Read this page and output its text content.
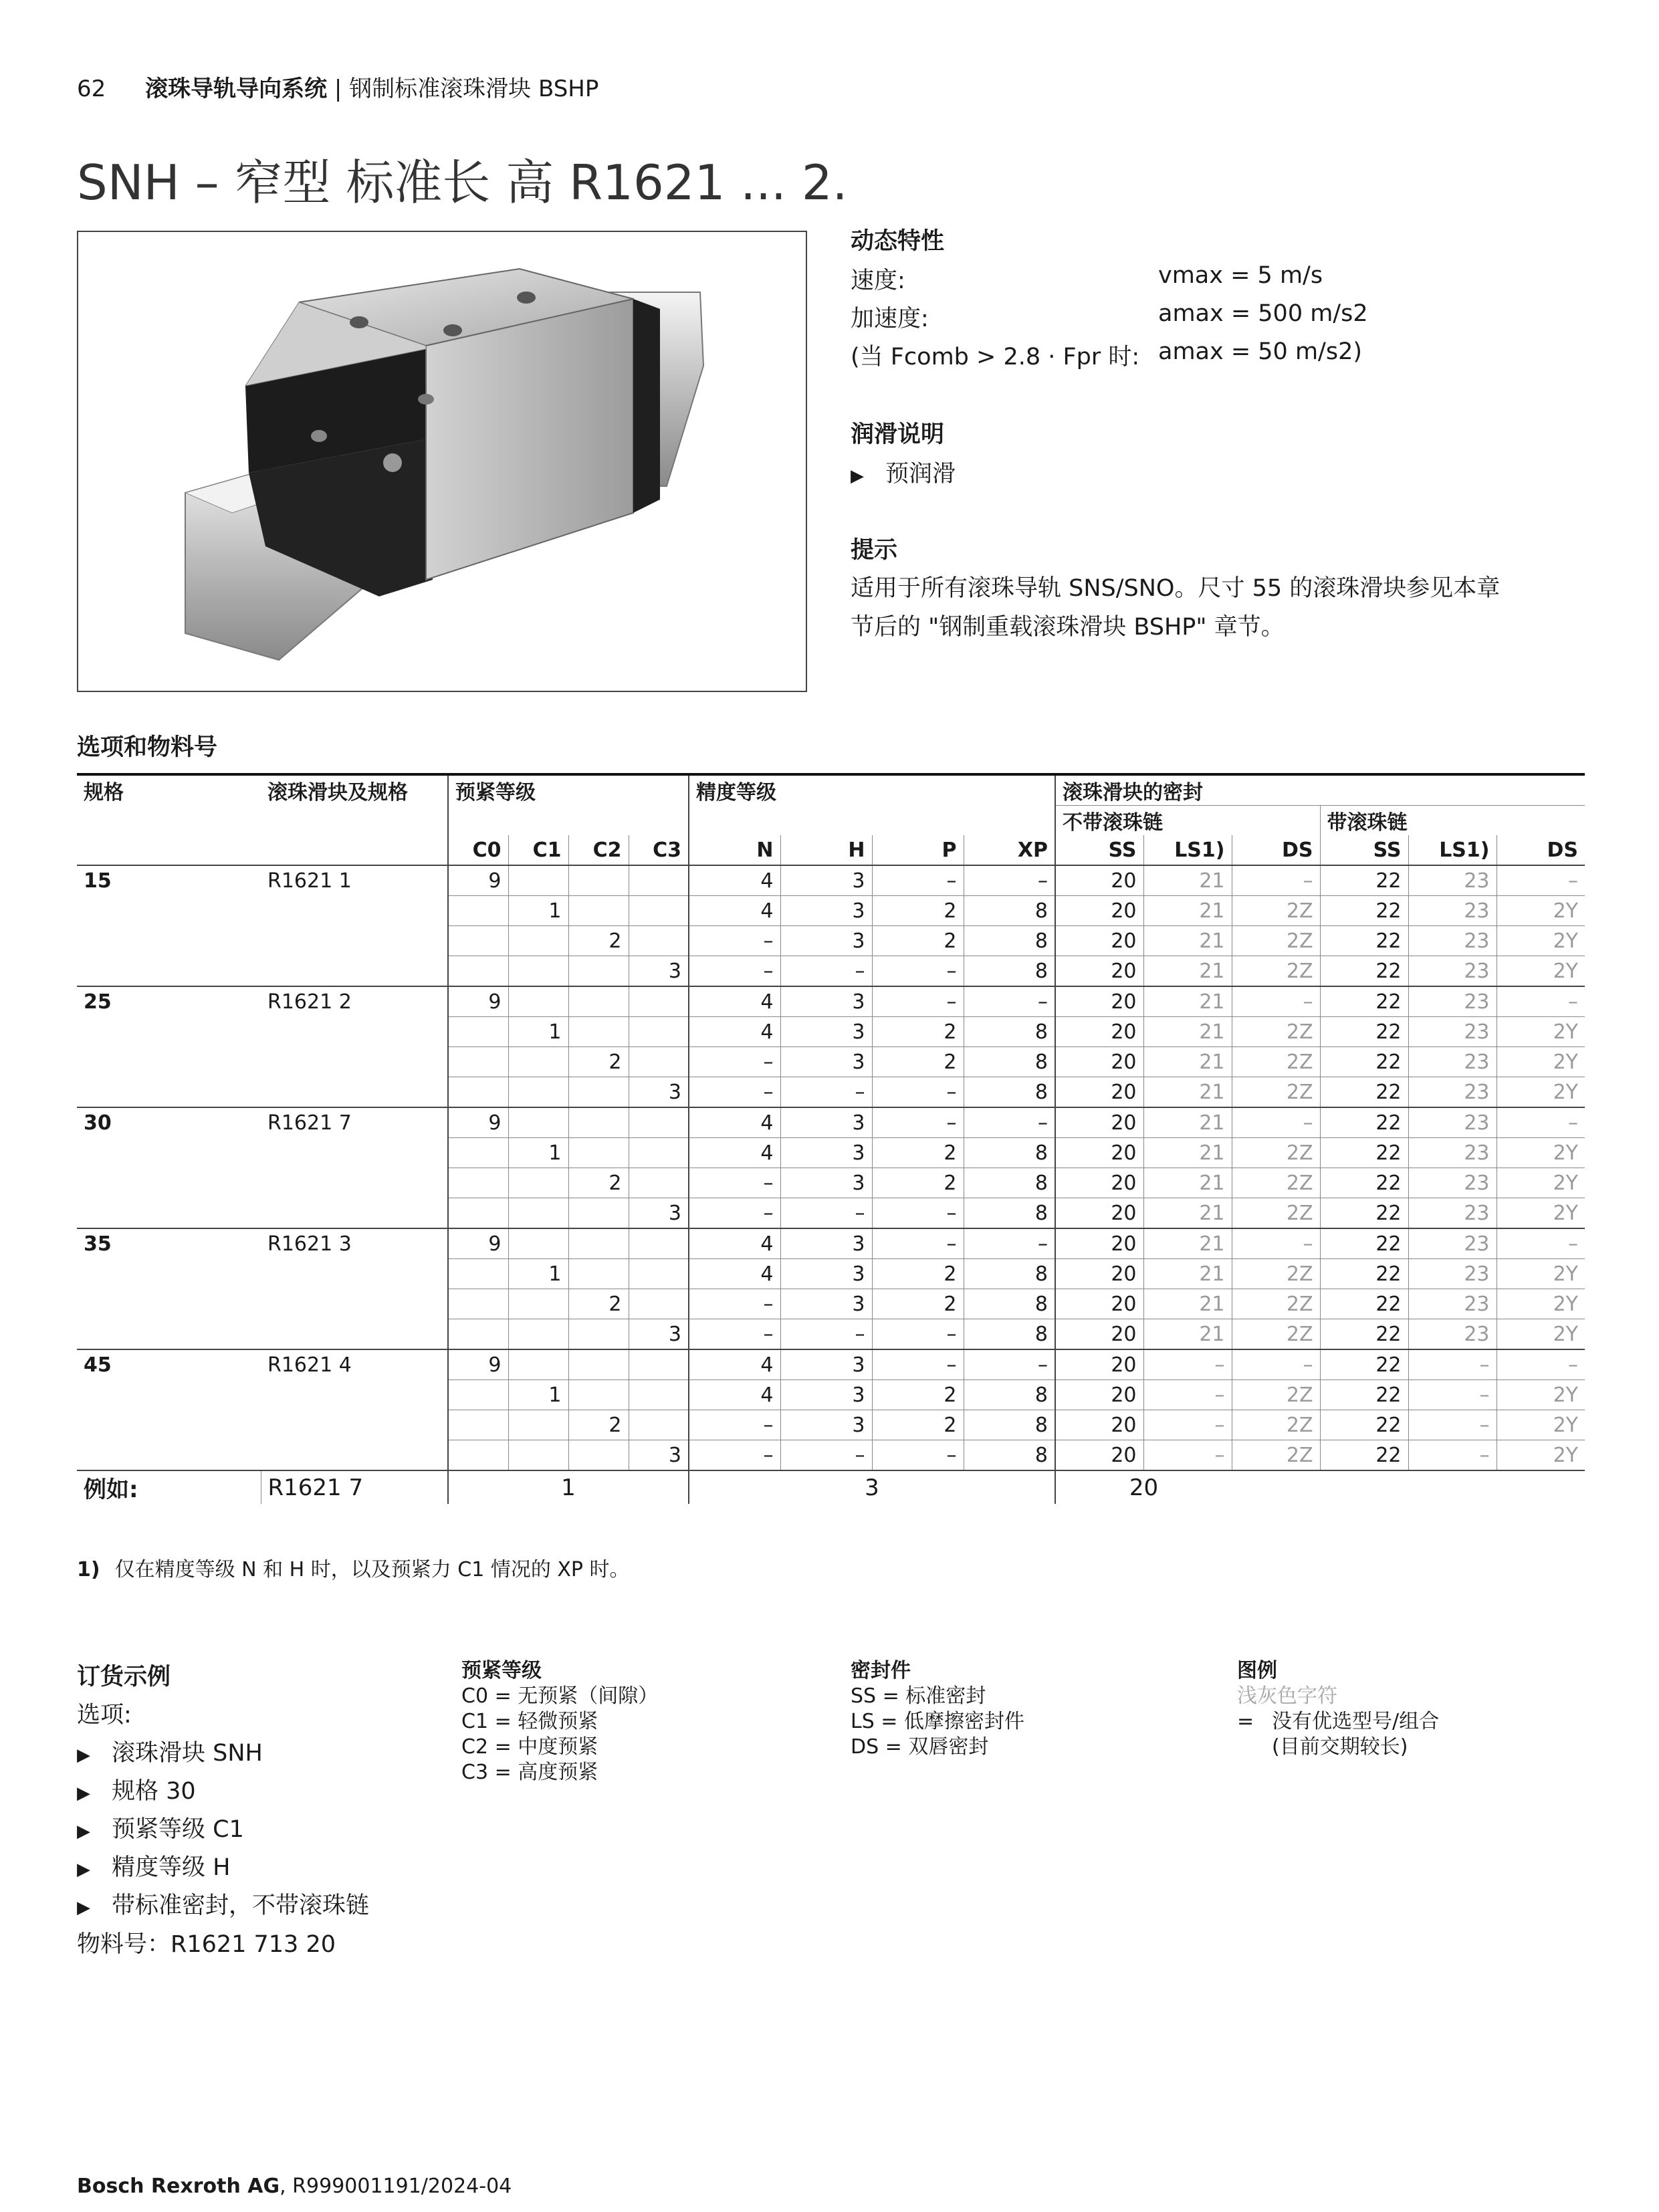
62 滚珠导轨导向系统 | 钢制标准滚珠滑块 BSHP
SNH – 窄型 标准长 高 R1621 ... 2.
动态特性
速度:	vmax = 5 m/s
加速度:	amax = 500 m/s2
(当 Fcomb > 2.8 · Fpr 时: amax = 50 m/s2)
润滑说明
▶ 预润滑
提示
适用于所有滚珠导轨 SNS/SNO。尺寸 55 的滚珠滑块参见本章
节后的 "钢制重载滚珠滑块 BSHP" 章节。
选项和物料号
规格	滚珠滑块及规格	预紧等级				精度等级				滚珠滑块的密封					
										不带滚珠链			带滚珠链		
		C0	C1	C2	C3	N	H	P	XP	SS	LS1)	DS	SS	LS1)	DS
15	R1621 1	9				4	3	–	–	20	21	–	22	23	–
			1			4	3	2	8	20	21	2Z	22	23	2Y
				2		–	3	2	8	20	21	2Z	22	23	2Y
					3	–	–	–	8	20	21	2Z	22	23	2Y
25	R1621 2	9				4	3	–	–	20	21	–	22	23	–
			1			4	3	2	8	20	21	2Z	22	23	2Y
				2		–	3	2	8	20	21	2Z	22	23	2Y
					3	–	–	–	8	20	21	2Z	22	23	2Y
30	R1621 7	9				4	3	–	–	20	21	–	22	23	–
			1			4	3	2	8	20	21	2Z	22	23	2Y
				2		–	3	2	8	20	21	2Z	22	23	2Y
					3	–	–	–	8	20	21	2Z	22	23	2Y
35	R1621 3	9				4	3	–	–	20	21	–	22	23	–
			1			4	3	2	8	20	21	2Z	22	23	2Y
				2		–	3	2	8	20	21	2Z	22	23	2Y
					3	–	–	–	8	20	21	2Z	22	23	2Y
45	R1621 4	9				4	3	–	–	20	–	–	22	–	–
			1			4	3	2	8	20	–	2Z	22	–	2Y
				2		–	3	2	8	20	–	2Z	22	–	2Y
					3	–	–	–	8	20	–	2Z	22	–	2Y
例如:	R1621 7	1				3				20					
1) 仅在精度等级 N 和 H 时，以及预紧力 C1 情况的 XP 时。
订货示例
选项:
▶ 滚珠滑块 SNH
▶ 规格 30
▶ 预紧等级 C1
▶ 精度等级 H
▶ 带标准密封，不带滚珠链
物料号：R1621 713 20
预紧等级
C0 = 无预紧（间隙）
C1 = 轻微预紧
C2 = 中度预紧
C3 = 高度预紧
密封件
SS = 标准密封
LS = 低摩擦密封件
DS = 双唇密封
图例
浅灰色字符
= 没有优选型号/组合
(目前交期较长)
Bosch Rexroth AG, R999001191/2024-04
